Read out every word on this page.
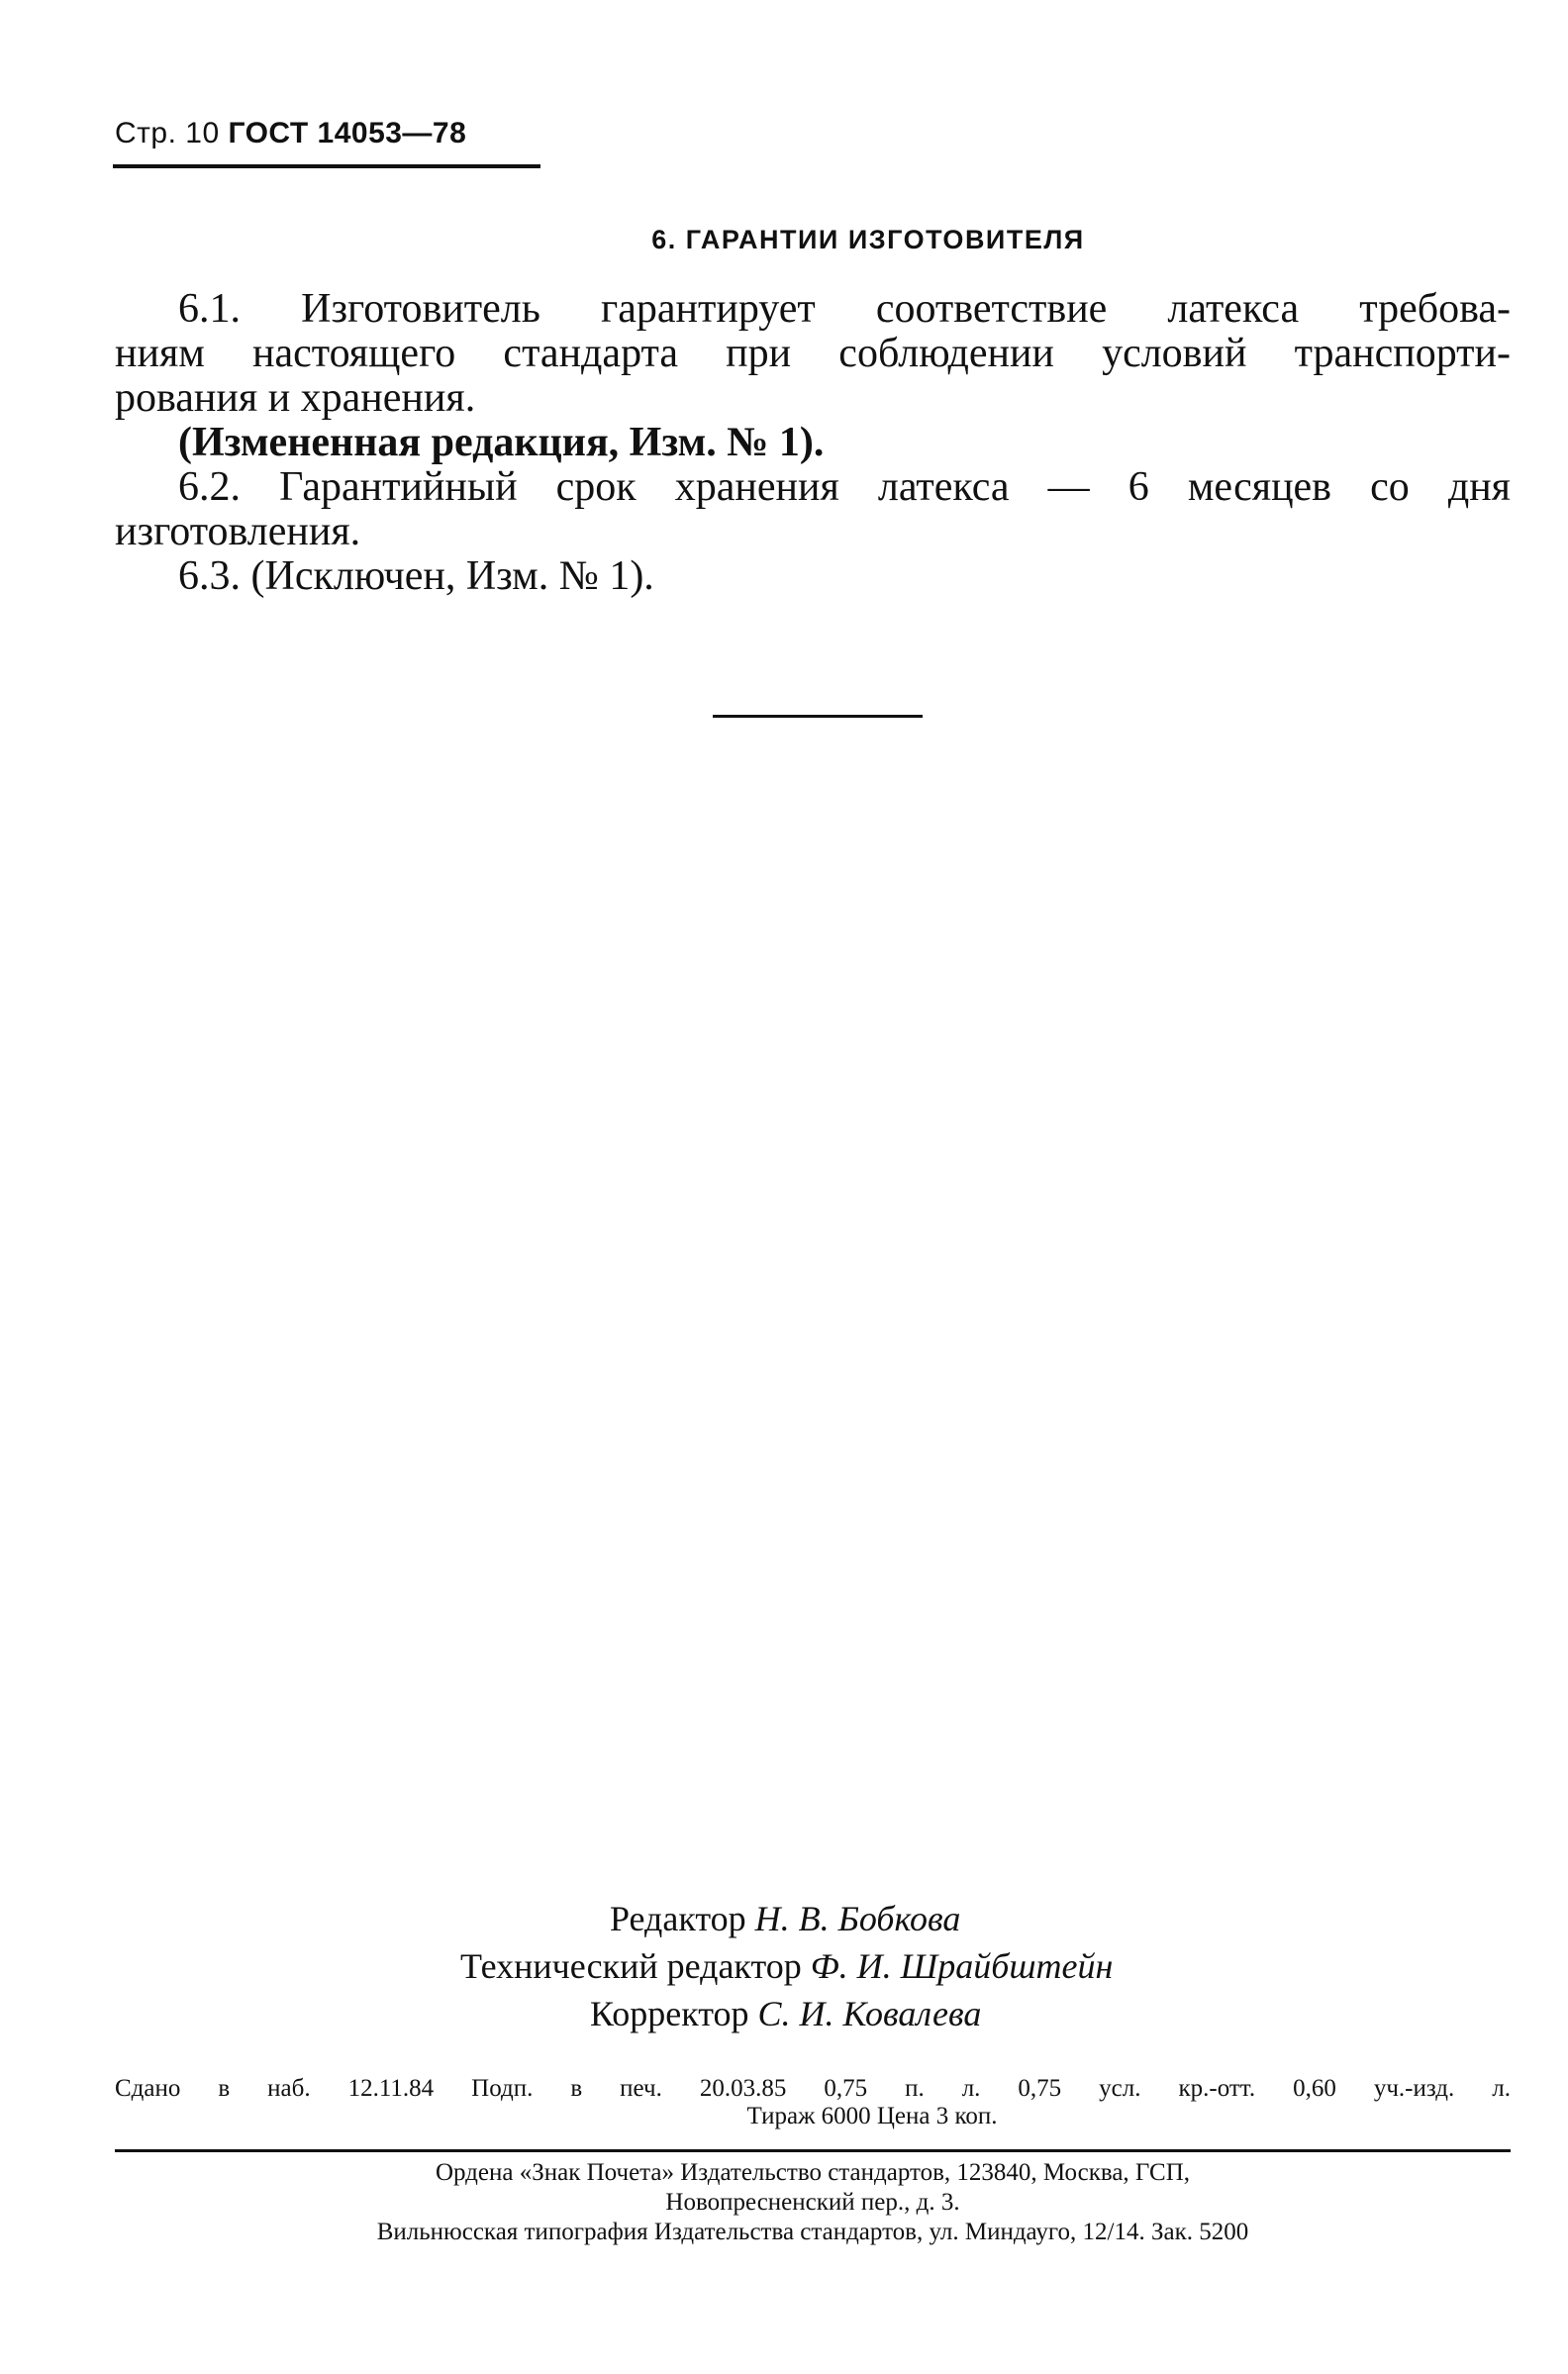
Стр. 10 ГОСТ 14053—78
6. ГАРАНТИИ ИЗГОТОВИТЕЛЯ
6.1. Изготовитель гарантирует соответствие латекса требова-
ниям настоящего стандарта при соблюдении условий транспорти-
рования и хранения.
(Измененная редакция, Изм. № 1).
6.2. Гарантийный срок хранения латекса — 6 месяцев со дня
изготовления.
6.3. (Исключен, Изм. № 1).
Редактор Н. В. Бобкова
Технический редактор Ф. И. Шрайбштейн
Корректор С. И. Ковалева
Сдано в наб. 12.11.84 Подп. в печ. 20.03.85 0,75 п. л. 0,75 усл. кр.-отт. 0,60 уч.-изд. л.
Тираж 6000 Цена 3 коп.
Ордена «Знак Почета» Издательство стандартов, 123840, Москва, ГСП,
Новопресненский пер., д. 3.
Вильнюсская типография Издательства стандартов, ул. Миндауго, 12/14. Зак. 5200
